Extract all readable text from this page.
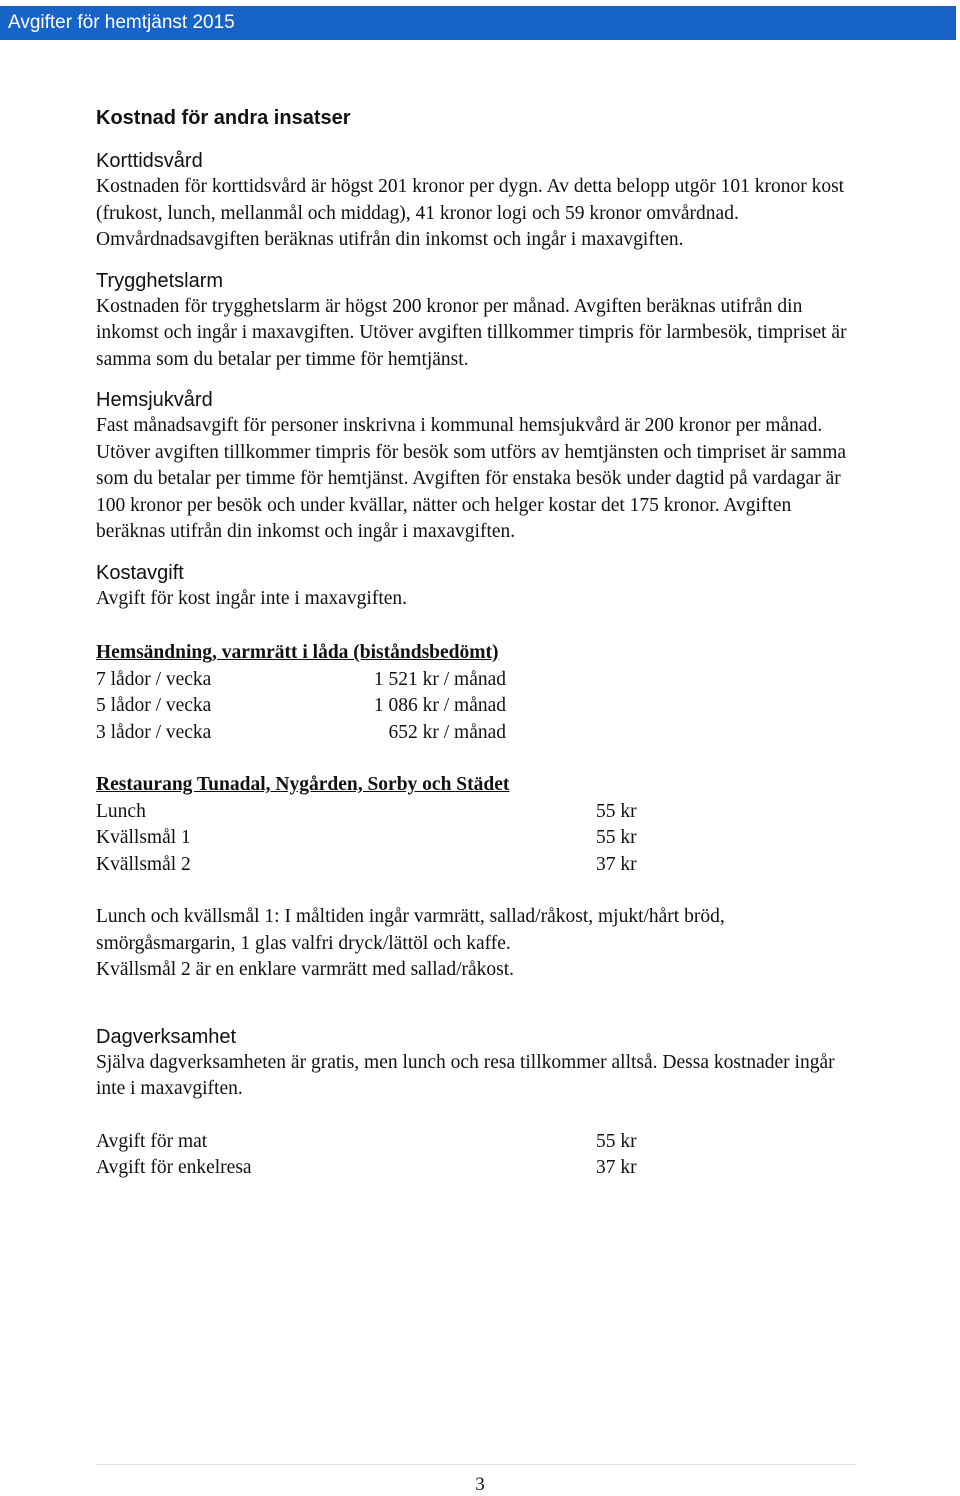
Avgifter för hemtjänst 2015
Kostnad för andra insatser
Korttidsvård

Kostnaden för korttidsvård är högst 201 kronor per dygn. Av detta belopp utgör 101 kronor kost (frukost, lunch, mellanmål och middag), 41 kronor logi och 59 kronor omvårdnad. Omvårdnadsavgiften beräknas utifrån din inkomst och ingår i maxavgiften.

Trygghetslarm

Kostnaden för trygghetslarm är högst 200 kronor per månad. Avgiften beräknas utifrån din inkomst och ingår i maxavgiften. Utöver avgiften tillkommer timpris för larmbesök, timpriset är samma som du betalar per timme för hemtjänst.

Hemsjukvård

Fast månadsavgift för personer inskrivna i kommunal hemsjukvård är 200 kronor per månad. Utöver avgiften tillkommer timpris för besök som utförs av hemtjänsten och timpriset är samma som du betalar per timme för hemtjänst. Avgiften för enstaka besök under dagtid på vardagar är 100 kronor per besök och under kvällar, nätter och helger kostar det 175 kronor. Avgiften beräknas utifrån din inkomst och ingår i maxavgiften.

Kostavgift

Avgift för kost ingår inte i maxavgiften.

Hemsändning, varmrätt i låda (biståndsbedömt)

7 lådor / vecka	1 521 kr / månad
5 lådor / vecka	1 086 kr / månad
3 lådor / vecka	652 kr / månad

Restaurang Tunadal, Nygården, Sorby och Städet

Lunch	55 kr
Kvällsmål 1	55 kr
Kvällsmål 2	37 kr

Lunch och kvällsmål 1: I måltiden ingår varmrätt, sallad/råkost, mjukt/hårt bröd, smörgåsmargarin, 1 glas valfri dryck/lättöl och kaffe.

Kvällsmål 2 är en enklare varmrätt med sallad/råkost.

Dagverksamhet

Själva dagverksamheten är gratis, men lunch och resa tillkommer alltså. Dessa kostnader ingår inte i maxavgiften.

Avgift för mat	55 kr
Avgift för enkelresa	37 kr
3
